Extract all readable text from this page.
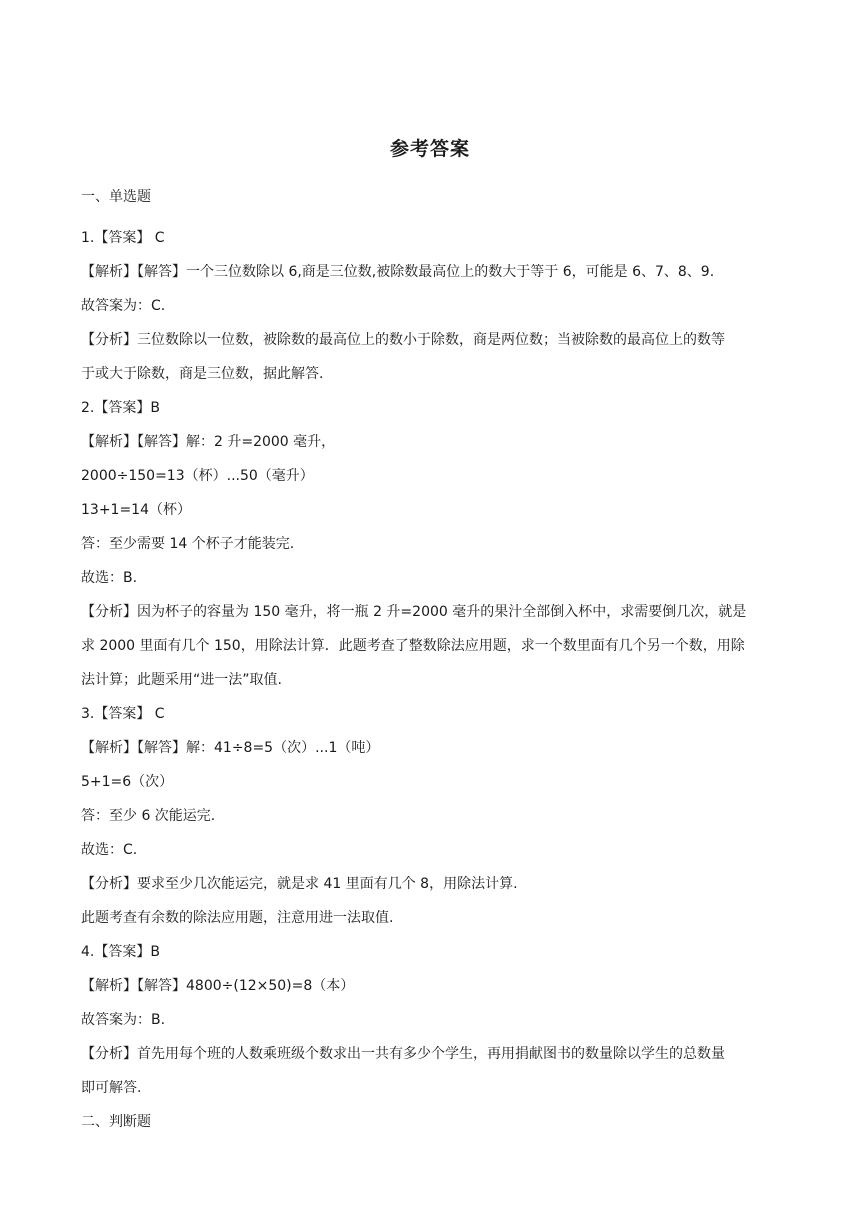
参考答案
一、单选题
1.【答案】 C
【解析】【解答】一个三位数除以 6,商是三位数,被除数最高位上的数大于等于 6，可能是 6、7、8、9.
故答案为：C.
【分析】三位数除以一位数，被除数的最高位上的数小于除数，商是两位数；当被除数的最高位上的数等
于或大于除数，商是三位数，据此解答.
2.【答案】B
【解析】【解答】解：2 升=2000 毫升，
2000÷150=13（杯）...50（毫升）
13+1=14（杯）
答：至少需要 14 个杯子才能装完.
故选：B.
【分析】因为杯子的容量为 150 毫升，将一瓶 2 升=2000 毫升的果汁全部倒入杯中，求需要倒几次，就是
求 2000 里面有几个 150，用除法计算．此题考查了整数除法应用题，求一个数里面有几个另一个数，用除
法计算；此题采用“进一法”取值.
3.【答案】 C
【解析】【解答】解：41÷8=5（次）...1（吨）
5+1=6（次）
答：至少 6 次能运完.
故选：C.
【分析】要求至少几次能运完，就是求 41 里面有几个 8，用除法计算.
此题考查有余数的除法应用题，注意用进一法取值.
4.【答案】B
【解析】【解答】4800÷(12×50)=8（本）
故答案为：B.
【分析】首先用每个班的人数乘班级个数求出一共有多少个学生，再用捐献图书的数量除以学生的总数量
即可解答.
二、判断题
